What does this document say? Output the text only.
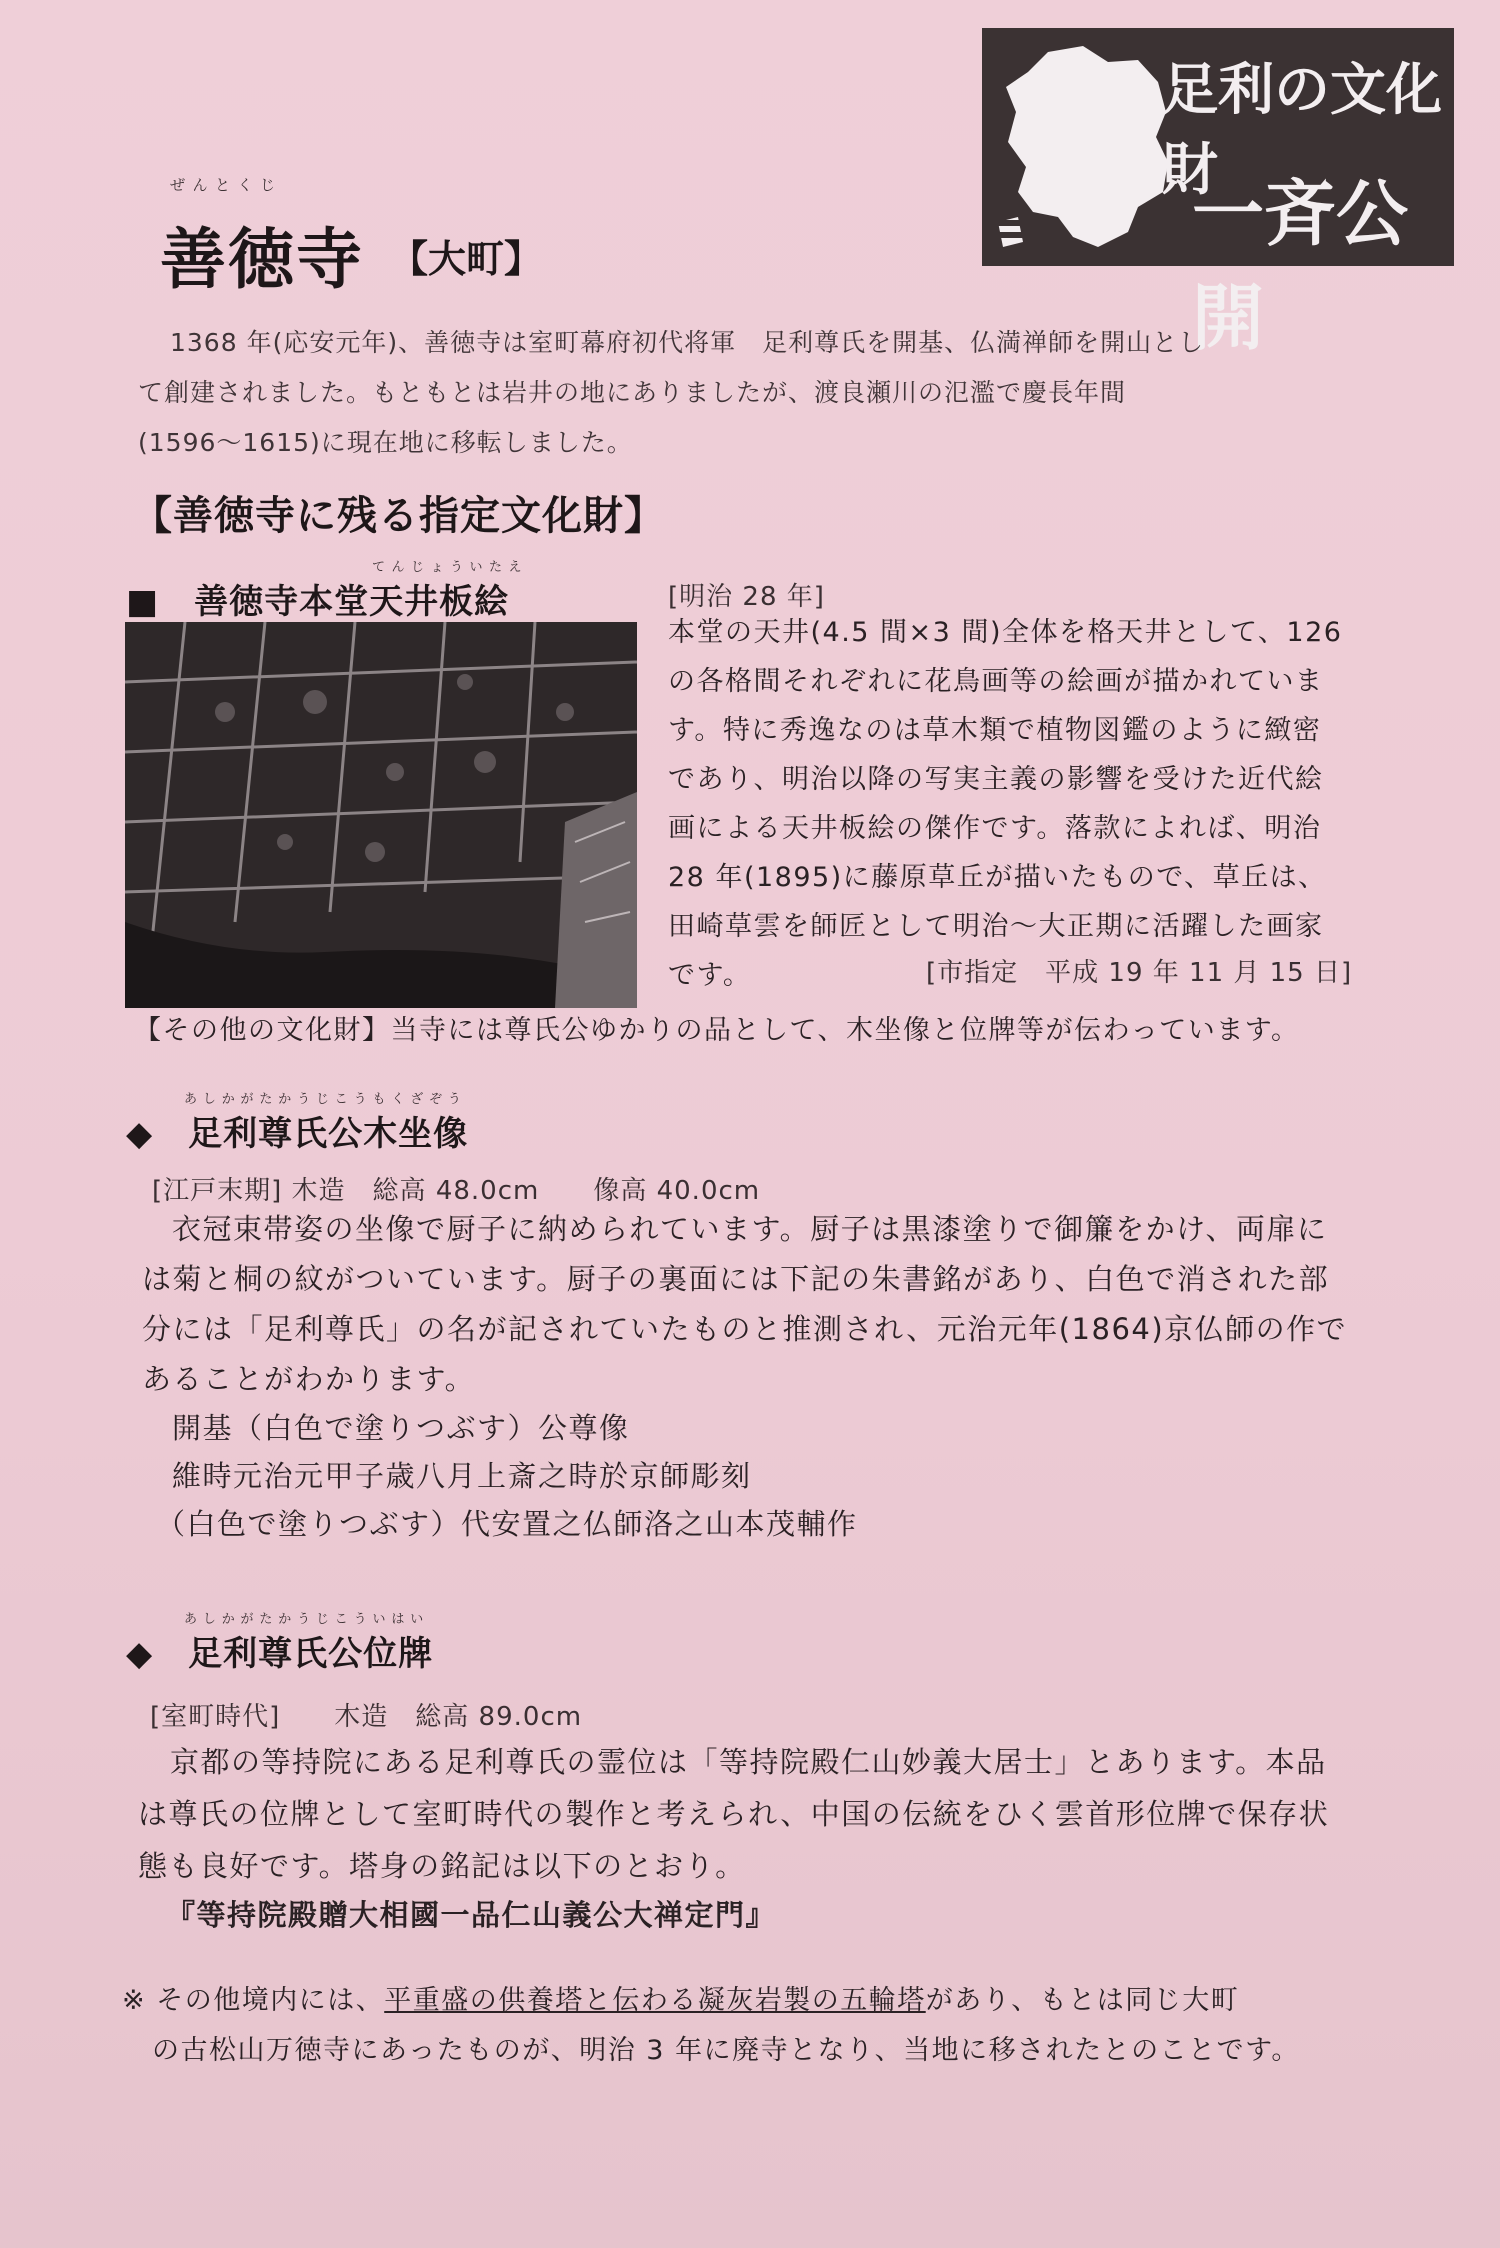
足利の文化財
一斉公開
ぜんとくじ
善徳寺 【大町】
1368 年(応安元年)、善徳寺は室町幕府初代将軍　足利尊氏を開基、仏満禅師を開山とし
て創建されました。もともとは岩井の地にありましたが、渡良瀬川の氾濫で慶長年間
(1596～1615)に現在地に移転しました。
【善徳寺に残る指定文化財】
てんじょういたえ
■　善徳寺本堂天井板絵	[明治 28 年]
本堂の天井(4.5 間×3 間)全体を格天井として、126
の各格間それぞれに花鳥画等の絵画が描かれていま
す。特に秀逸なのは草木類で植物図鑑のように緻密
であり、明治以降の写実主義の影響を受けた近代絵
画による天井板絵の傑作です。落款によれば、明治
28 年(1895)に藤原草丘が描いたもので、草丘は、
田崎草雲を師匠として明治～大正期に活躍した画家
です。	[市指定　平成 19 年 11 月 15 日]
【その他の文化財】当寺には尊氏公ゆかりの品として、木坐像と位牌等が伝わっています。
あしかがたかうじこうもくざぞう
◆　足利尊氏公木坐像
[江戸末期] 木造　総高 48.0cm　　像高 40.0cm
衣冠束帯姿の坐像で厨子に納められています。厨子は黒漆塗りで御簾をかけ、両扉に
は菊と桐の紋がついています。厨子の裏面には下記の朱書銘があり、白色で消された部
分には「足利尊氏」の名が記されていたものと推測され、元治元年(1864)京仏師の作で
あることがわかります。
開基（白色で塗りつぶす）公尊像
維時元治元甲子歳八月上斎之時於京師彫刻
（白色で塗りつぶす）代安置之仏師洛之山本茂輔作
あしかがたかうじこういはい
◆　足利尊氏公位牌
[室町時代]　　木造　総高 89.0cm
京都の等持院にある足利尊氏の霊位は「等持院殿仁山妙義大居士」とあります。本品
は尊氏の位牌として室町時代の製作と考えられ、中国の伝統をひく雲首形位牌で保存状
態も良好です。塔身の銘記は以下のとおり。
『等持院殿贈大相國一品仁山義公大禅定門』
※ その他境内には、平重盛の供養塔と伝わる凝灰岩製の五輪塔があり、もとは同じ大町
の古松山万徳寺にあったものが、明治 3 年に廃寺となり、当地に移されたとのことです。
